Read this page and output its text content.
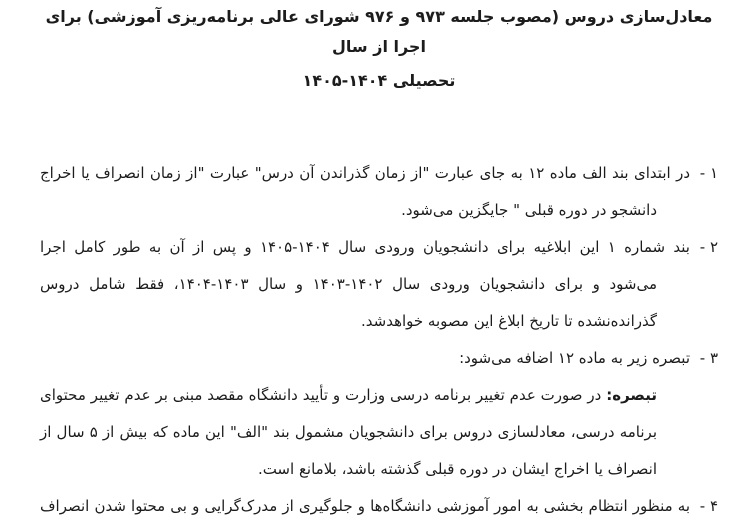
معادل‌سازی دروس (مصوب جلسه ۹۷۳ و ۹۷۶ شورای عالی برنامه‌ریزی آموزشی) برای اجرا از سال
تحصیلی ۱۴۰۴-۱۴۰۵
۱ -
در ابتدای بند الف ماده ۱۲ به جای عبارت "از زمان گذراندن آن درس" عبارت "از زمان انصراف یا اخراج
دانشجو در دوره قبلی " جایگزین می‌شود.
۲ -
بند شماره ۱ این ابلاغیه برای دانشجویان ورودی سال ۱۴۰۴-۱۴۰۵ و پس از آن به طور کامل اجرا
می‌شود و برای دانشجویان ورودی سال ۱۴۰۲-۱۴۰۳ و سال ۱۴۰۳-۱۴۰۴، فقط شامل دروس
گذرانده‌نشده تا تاریخ ابلاغ این مصوبه خواهدشد.
۳ -
تبصره زیر به ماده ۱۲ اضافه می‌شود:
تبصره: در صورت عدم تغییر برنامه درسی وزارت و تأیید دانشگاه مقصد مبنی بر عدم تغییر محتوای
برنامه درسی، معادلسازی دروس برای دانشجویان مشمول بند "الف" این ماده که بیش از ۵ سال از
انصراف یا اخراج ایشان در دوره قبلی گذشته باشد، بلامانع است.
۴ -
به منظور انتظام بخشی به امور آموزشی دانشگاه‌ها و جلوگیری از مدرک‌گرایی و بی محتوا شدن انصراف
